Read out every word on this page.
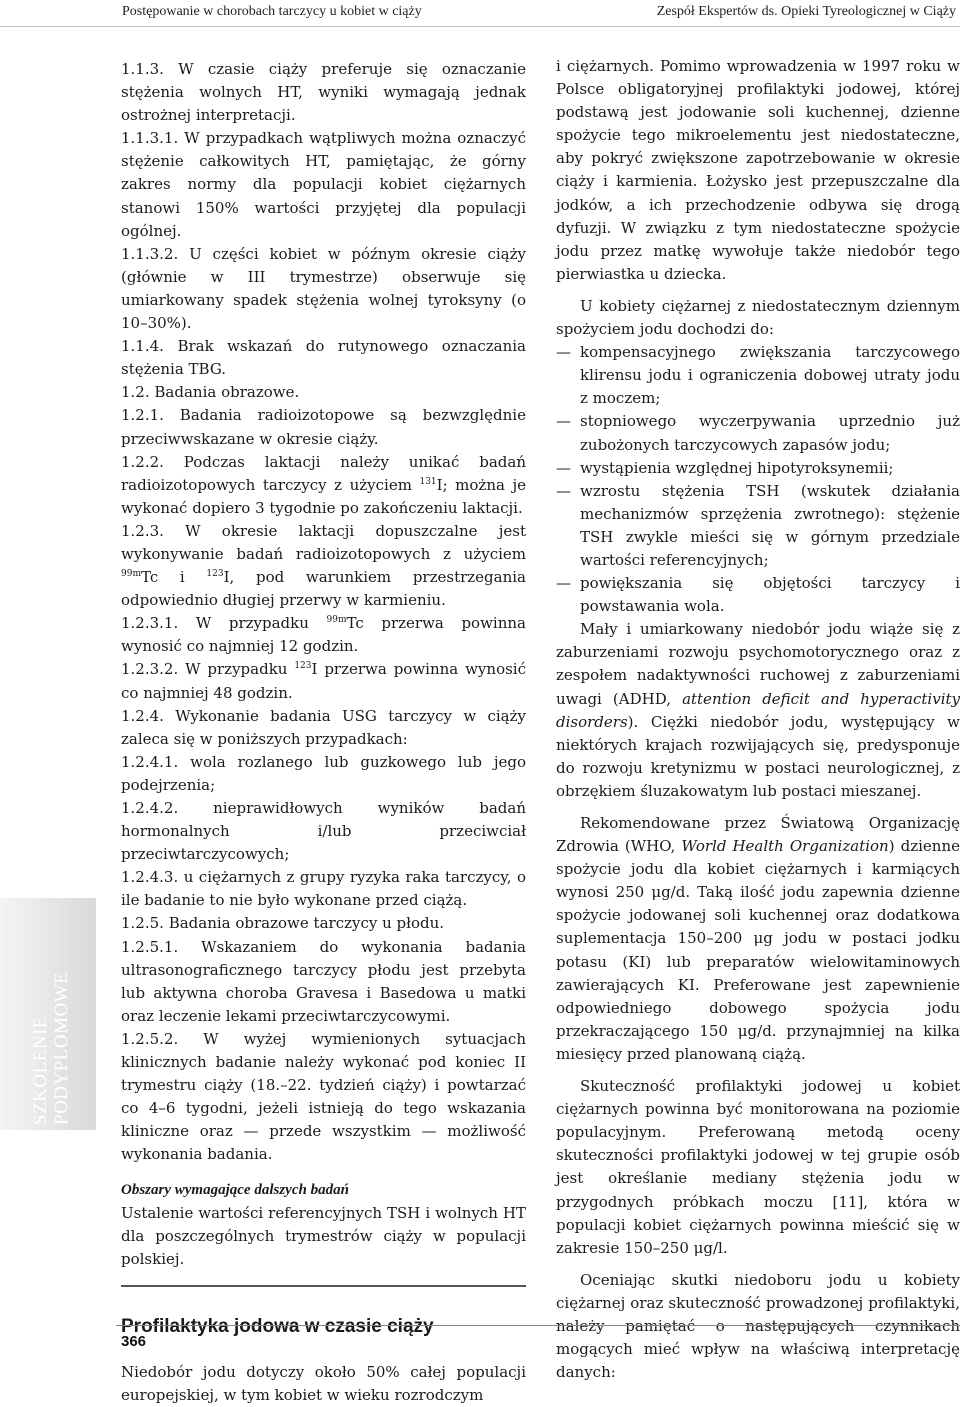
Postępowanie w chorobach tarczycy u kobiet w ciąży	Zespół Ekspertów ds. Opieki Tyreologicznej w Ciąży
SZKOLENIE PODYPLOMOWE

1.1.3. W czasie ciąży preferuje się oznaczanie stężenia wolnych HT, wyniki wymagają jednak ostrożnej interpretacji.

1.1.3.1. W przypadkach wątpliwych można oznaczyć stężenie całkowitych HT, pamiętając, że górny zakres normy dla populacji kobiet ciężarnych stanowi 150% wartości przyjętej dla populacji ogólnej.

1.1.3.2. U części kobiet w późnym okresie ciąży (głównie w III trymestrze) obserwuje się umiarkowany spadek stężenia wolnej tyroksyny (o 10–30%).

1.1.4. Brak wskazań do rutynowego oznaczania stężenia TBG.

1.2. Badania obrazowe.

1.2.1. Badania radioizotopowe są bezwzględnie przeciwwskazane w okresie ciąży.

1.2.2. Podczas laktacji należy unikać badań radioizotopowych tarczycy z użyciem $^{131}$I; można je wykonać dopiero 3 tygodnie po zakończeniu laktacji.

1.2.3. W okresie laktacji dopuszczalne jest wykonywanie badań radioizotopowych z użyciem $^{99m}$Tc i $^{123}$I, pod warunkiem przestrzegania odpowiednio długiej przerwy w karmieniu.

1.2.3.1. W przypadku $^{99m}$Tc przerwa powinna wynosić co najmniej 12 godzin.

1.2.3.2. W przypadku $^{123}$I przerwa powinna wynosić co najmniej 48 godzin.

1.2.4. Wykonanie badania USG tarczycy w ciąży zaleca się w poniższych przypadkach:

1.2.4.1. wola rozlanego lub guzkowego lub jego podejrzenia;

1.2.4.2. nieprawidłowych wyników badań hormonalnych i/lub przeciwciał przeciwtarczycowych;

1.2.4.3. u ciężarnych z grupy ryzyka raka tarczycy, o ile badanie to nie było wykonane przed ciążą.

1.2.5. Badania obrazowe tarczycy u płodu.

1.2.5.1. Wskazaniem do wykonania badania ultrasonograficznego tarczycy płodu jest przebyta lub aktywna choroba Gravesa i Basedowa u matki oraz leczenie lekami przeciwtarczycowymi.

1.2.5.2. W wyżej wymienionych sytuacjach klinicznych badanie należy wykonać pod koniec II trymestru ciąży (18.–22. tydzień ciąży) i powtarzać co 4–6 tygodni, jeżeli istnieją do tego wskazania kliniczne oraz — przede wszystkim — możliwość wykonania badania.

Obszary wymagające dalszych badań

Ustalenie wartości referencyjnych TSH i wolnych HT dla poszczególnych trymestrów ciąży w populacji polskiej.

Profilaktyka jodowa w czasie ciąży

Niedobór jodu dotyczy około 50% całej populacji europejskiej, w tym kobiet w wieku rozrodczym

i ciężarnych. Pomimo wprowadzenia w 1997 roku w Polsce obligatoryjnej profilaktyki jodowej, której podstawą jest jodowanie soli kuchennej, dzienne spożycie tego mikroelementu jest niedostateczne, aby pokryć zwiększone zapotrzebowanie w okresie ciąży i karmienia. Łożysko jest przepuszczalne dla jodków, a ich przechodzenie odbywa się drogą dyfuzji. W związku z tym niedostateczne spożycie jodu przez matkę wywołuje także niedobór tego pierwiastka u dziecka.

U kobiety ciężarnej z niedostatecznym dziennym spożyciem jodu dochodzi do:

— kompensacyjnego zwiększania tarczycowego klirensu jodu i ograniczenia dobowej utraty jodu z moczem;
— stopniowego wyczerpywania uprzednio już zubożonych tarczycowych zapasów jodu;
— wystąpienia względnej hipotyroksynemii;
— wzrostu stężenia TSH (wskutek działania mechanizmów sprzężenia zwrotnego): stężenie TSH zwykle mieści się w górnym przedziale wartości referencyjnych;
— powiększania się objętości tarczycy i powstawania wola.

Mały i umiarkowany niedobór jodu wiąże się z zaburzeniami rozwoju psychomotorycznego oraz z zespołem nadaktywności ruchowej z zaburzeniami uwagi (ADHD, attention deficit and hyperactivity disorders). Ciężki niedobór jodu, występujący w niektórych krajach rozwijających się, predysponuje do rozwoju kretynizmu w postaci neurologicznej, z obrzękiem śluzakowatym lub postaci mieszanej.

Rekomendowane przez Światową Organizację Zdrowia (WHO, World Health Organization) dzienne spożycie jodu dla kobiet ciężarnych i karmiących wynosi 250 μg/d. Taką ilość jodu zapewnia dzienne spożycie jodowanej soli kuchennej oraz dodatkowa suplementacja 150–200 μg jodu w postaci jodku potasu (KI) lub preparatów wielowitaminowych zawierających KI. Preferowane jest zapewnienie odpowiedniego dobowego spożycia jodu przekraczającego 150 μg/d. przynajmniej na kilka miesięcy przed planowaną ciążą.

Skuteczność profilaktyki jodowej u kobiet ciężarnych powinna być monitorowana na poziomie populacyjnym. Preferowaną metodą oceny skuteczności profilaktyki jodowej w tej grupie osób jest określanie mediany stężenia jodu w przygodnych próbkach moczu [11], która w populacji kobiet ciężarnych powinna mieścić się w zakresie 150–250 μg/l.

Oceniając skutki niedoboru jodu u kobiety ciężarnej oraz skuteczność prowadzonej profilaktyki, należy pamiętać o następujących czynnikach mogących mieć wpływ na właściwą interpretację danych:

366
